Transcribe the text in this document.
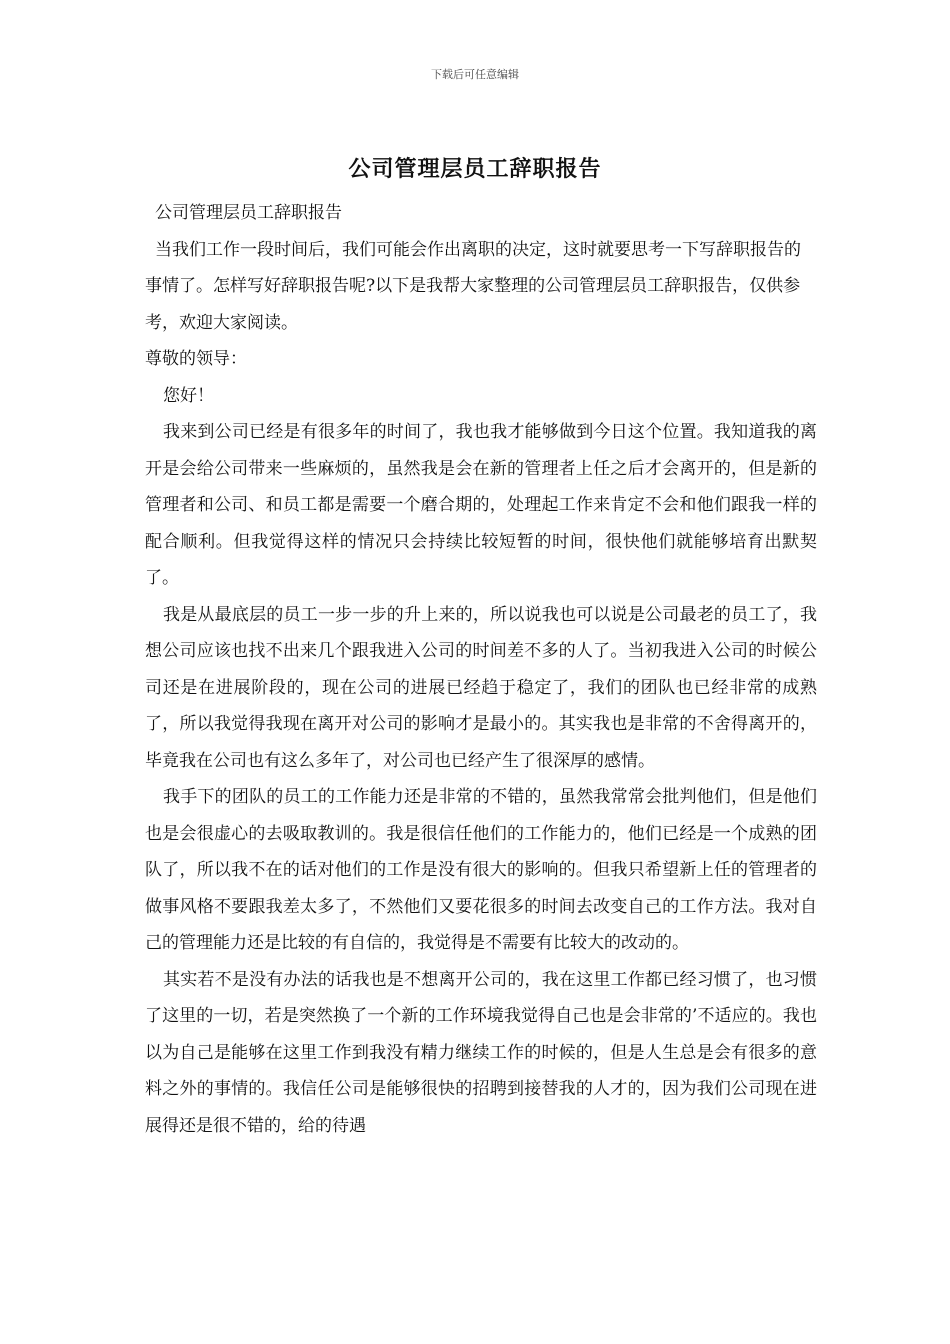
下载后可任意编辑
公司管理层员工辞职报告

公司管理层员工辞职报告

当我们工作一段时间后，我们可能会作出离职的决定，这时就要思考一下写辞职报告的事情了。怎样写好辞职报告呢?以下是我帮大家整理的公司管理层员工辞职报告，仅供参考，欢迎大家阅读。

尊敬的领导：

您好！

我来到公司已经是有很多年的时间了，我也我才能够做到今日这个位置。我知道我的离开是会给公司带来一些麻烦的，虽然我是会在新的管理者上任之后才会离开的，但是新的管理者和公司、和员工都是需要一个磨合期的，处理起工作来肯定不会和他们跟我一样的配合顺利。但我觉得这样的情况只会持续比较短暂的时间，很快他们就能够培育出默契了。

我是从最底层的员工一步一步的升上来的，所以说我也可以说是公司最老的员工了，我想公司应该也找不出来几个跟我进入公司的时间差不多的人了。当初我进入公司的时候公司还是在进展阶段的，现在公司的进展已经趋于稳定了，我们的团队也已经非常的成熟了，所以我觉得我现在离开对公司的影响才是最小的。其实我也是非常的不舍得离开的，毕竟我在公司也有这么多年了，对公司也已经产生了很深厚的感情。

我手下的团队的员工的工作能力还是非常的不错的，虽然我常常会批判他们，但是他们也是会很虚心的去吸取教训的。我是很信任他们的工作能力的，他们已经是一个成熟的团队了，所以我不在的话对他们的工作是没有很大的影响的。但我只希望新上任的管理者的做事风格不要跟我差太多了，不然他们又要花很多的时间去改变自己的工作方法。我对自己的管理能力还是比较的有自信的，我觉得是不需要有比较大的改动的。

其实若不是没有办法的话我也是不想离开公司的，我在这里工作都已经习惯了，也习惯了这里的一切，若是突然换了一个新的工作环境我觉得自己也是会非常的’不适应的。我也以为自己是能够在这里工作到我没有精力继续工作的时候的，但是人生总是会有很多的意料之外的事情的。我信任公司是能够很快的招聘到接替我的人才的，因为我们公司现在进展得还是很不错的，给的待遇
